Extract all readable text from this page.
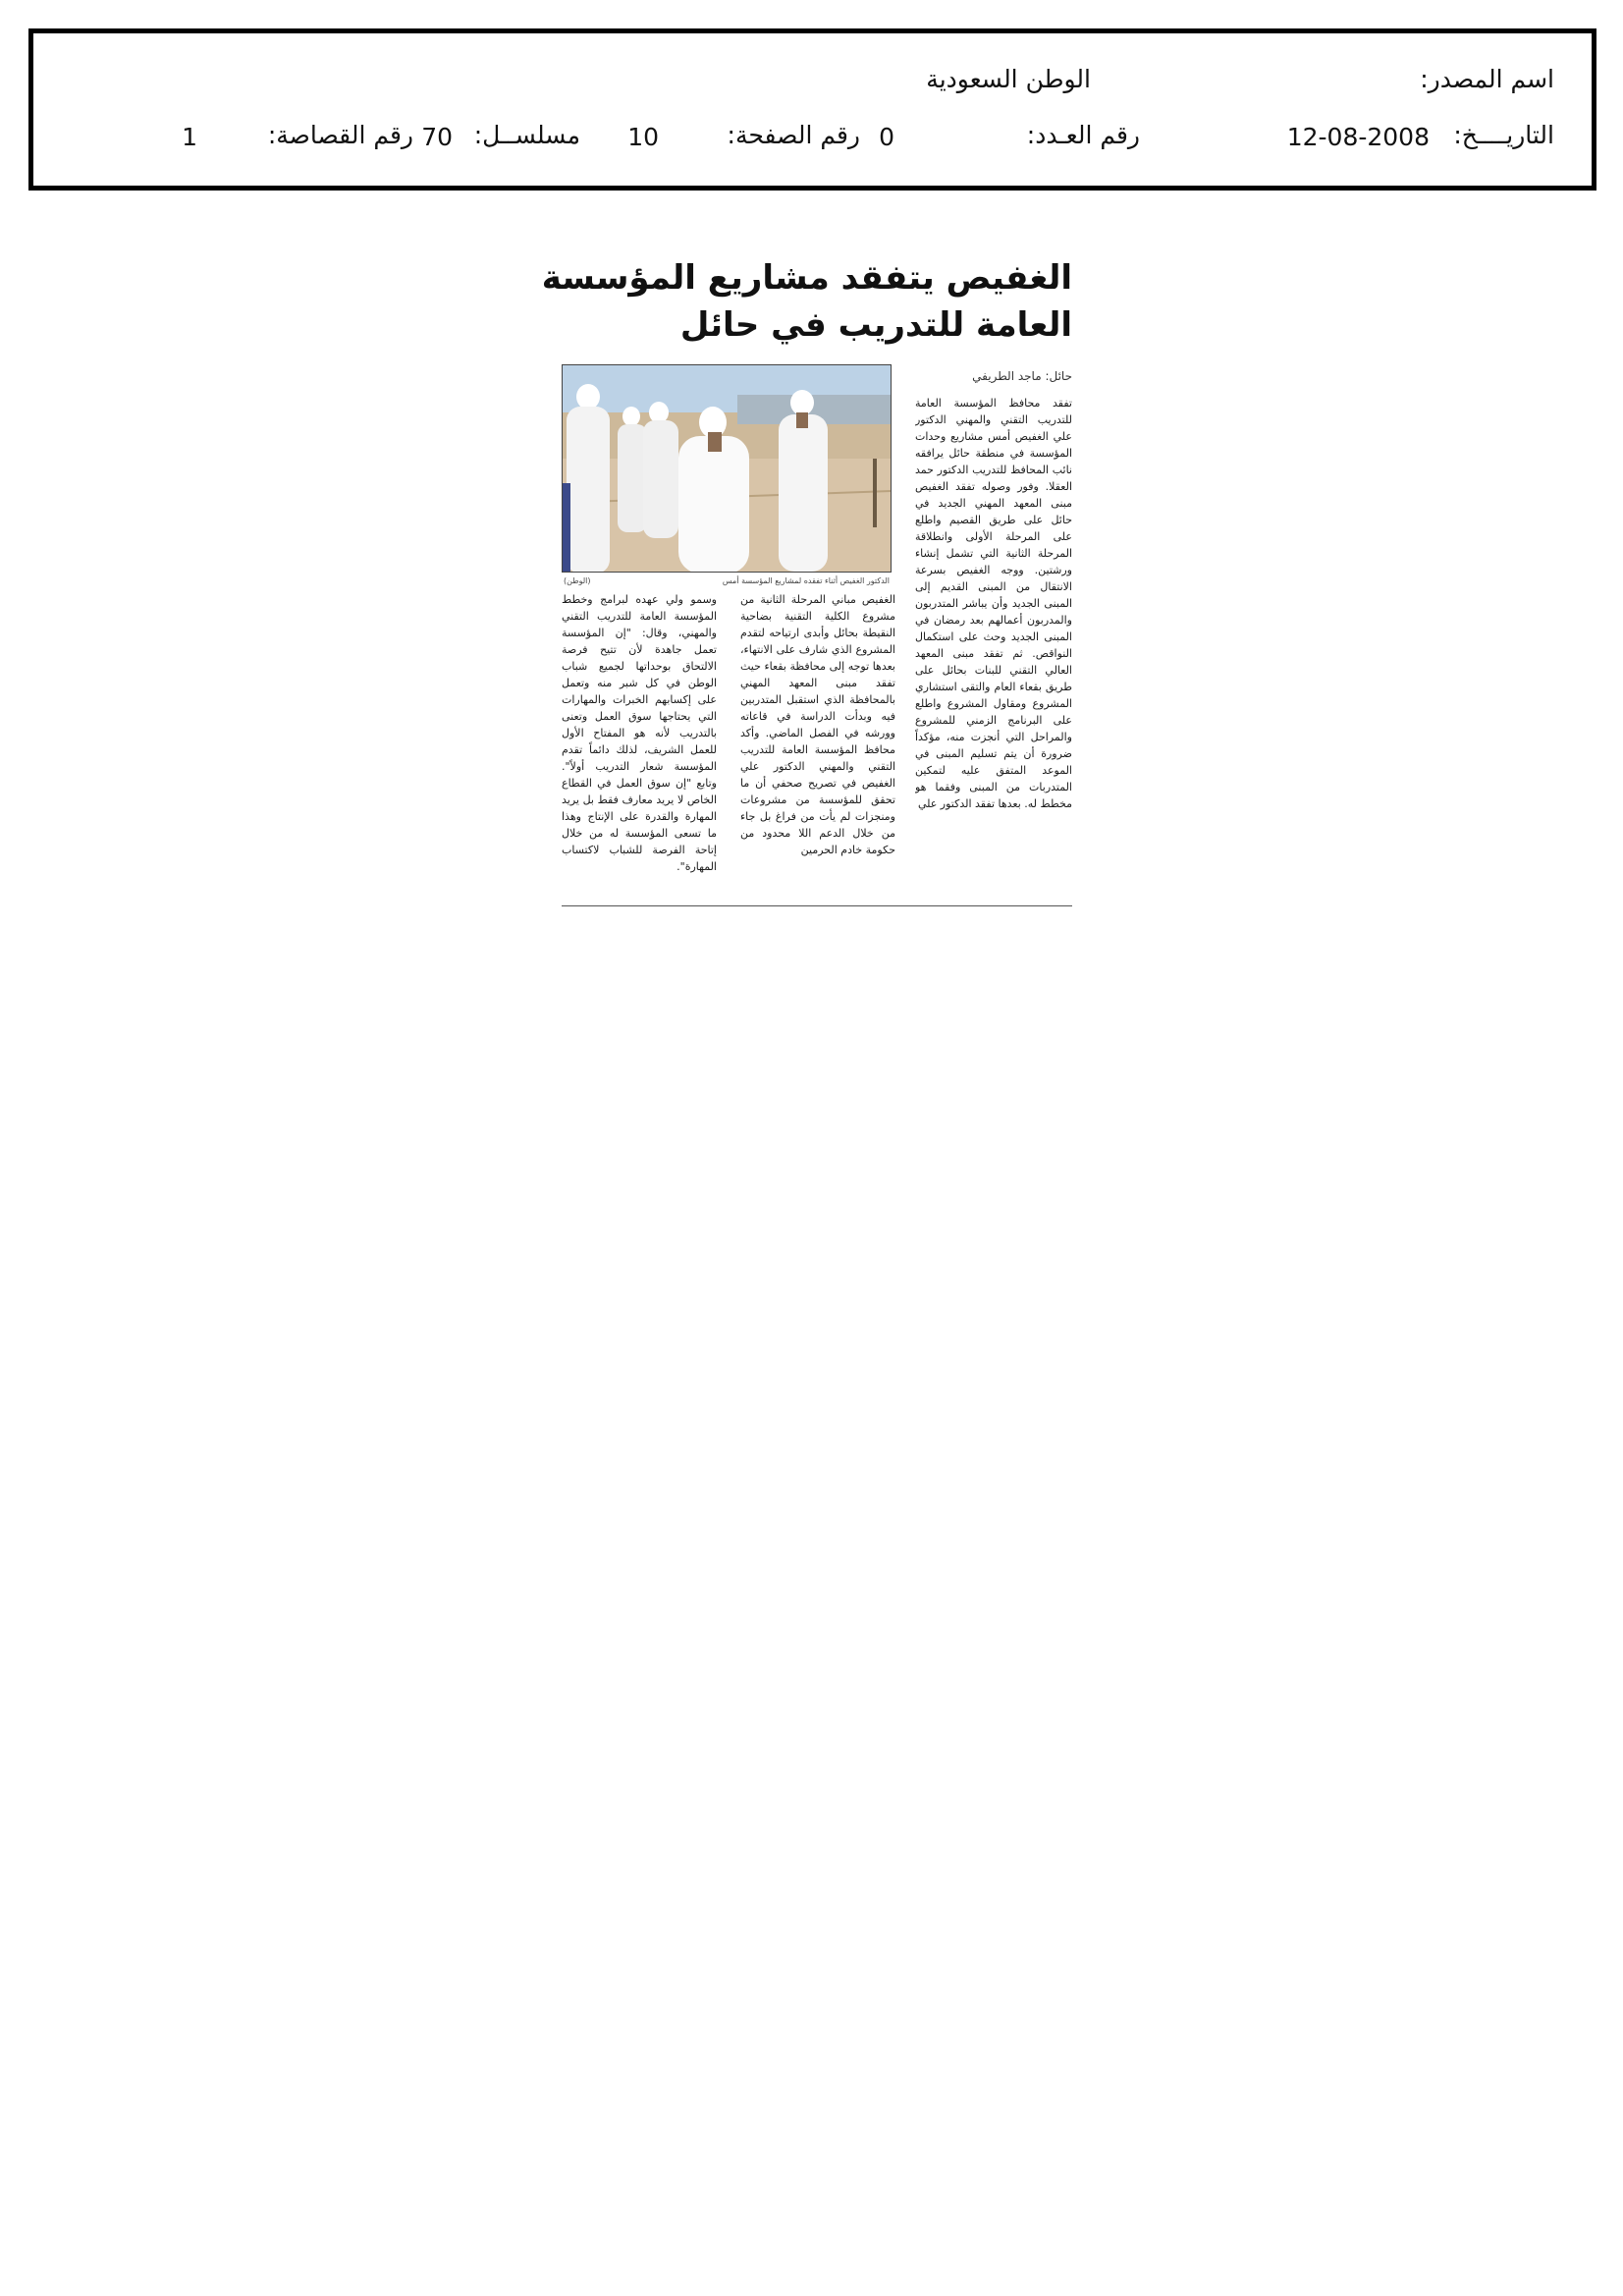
اسم المصدر:
الوطن السعودية
التاريــــخ:
12-08-2008
رقم العـدد:
0
رقم الصفحة:
10
مسلســل:
70
رقم القصاصة:
1
الغفيص يتفقد مشاريع المؤسسة
العامة للتدريب في حائل
حائل: ماجد الطريفي
تفقد محافظ المؤسسة العامة للتدريب التقني والمهني الدكتور علي الغفيص أمس مشاريع وحدات المؤسسة في منطقة حائل يرافقه نائب المحافظ للتدريب الدكتور حمد العقلا. وفور وصوله تفقد الغفيص مبنى المعهد المهني الجديد في حائل على طريق القصيم واطلع على المرحلة الأولى وانطلاقة المرحلة الثانية التي تشمل إنشاء ورشتين. ووجه الغفيص بسرعة الانتقال من المبنى القديم إلى المبنى الجديد وأن يباشر المتدربون والمدربون أعمالهم بعد رمضان في المبنى الجديد وحث على استكمال النواقص. ثم تفقد مبنى المعهد العالي التقني للبنات بحائل على طريق بقعاء العام والتقى استشاري المشروع ومقاول المشروع واطلع على البرنامج الزمني للمشروع والمراحل التي أنجزت منه، مؤكداً ضرورة أن يتم تسليم المبنى في الموعد المتفق عليه لتمكين المتدربات من المبنى وفقما هو مخطط له. بعدها تفقد الدكتور علي
الدكتور الغفيص أثناء تفقده لمشاريع المؤسسة أمس
(الوطن)
الغفيص مباني المرحلة الثانية من مشروع الكلية التقنية بضاحية النقيطة بحائل وأبدى ارتياحه لتقدم المشروع الذي شارف على الانتهاء، بعدها توجه إلى محافظة بقعاء حيث تفقد مبنى المعهد المهني بالمحافظة الذي استقبل المتدربين فيه وبدأت الدراسة في قاعاته وورشه في الفصل الماضي. وأكد محافظ المؤسسة العامة للتدريب التقني والمهني الدكتور علي الغفيص في تصريح صحفي أن ما تحقق للمؤسسة من مشروعات ومنجزات لم يأت من فراغ بل جاء من خلال الدعم اللا محدود من حكومة خادم الحرمين
وسمو ولي عهده لبرامج وخطط المؤسسة العامة للتدريب التقني والمهني، وقال: "إن المؤسسة تعمل جاهدة لأن تتيح فرصة الالتحاق بوحداتها لجميع شباب الوطن في كل شبر منه وتعمل على إكسابهم الخبرات والمهارات التي يحتاجها سوق العمل وتعنى بالتدريب لأنه هو المفتاح الأول للعمل الشريف، لذلك دائماً تقدم المؤسسة شعار التدريب أولاً". وتابع "إن سوق العمل في القطاع الخاص لا يريد معارف فقط بل يريد المهارة والقدرة على الإنتاج وهذا ما تسعى المؤسسة له من خلال إتاحة الفرصة للشباب لاكتساب المهارة".
